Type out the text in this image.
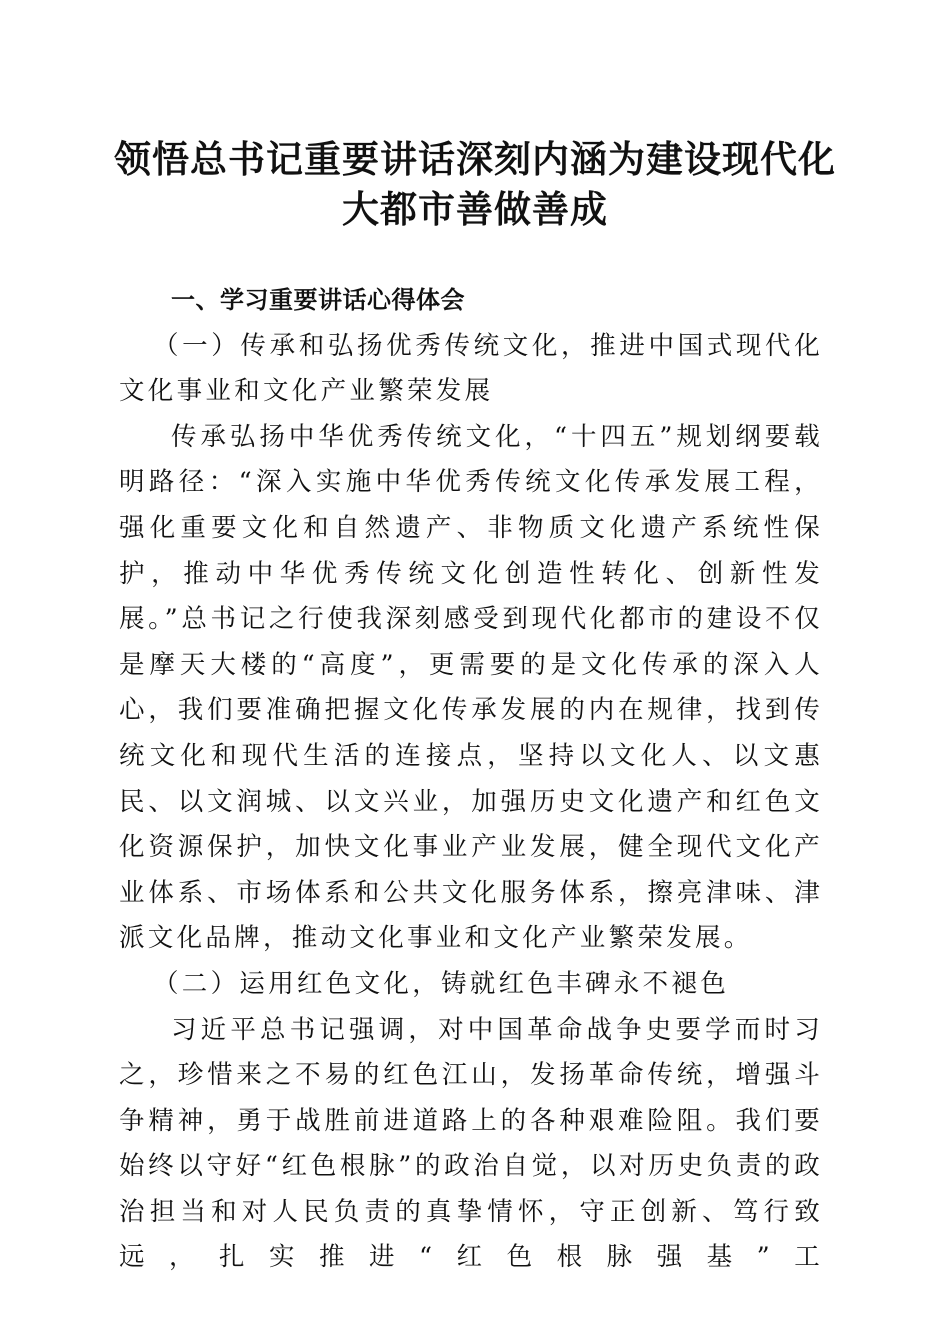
领悟总书记重要讲话深刻内涵为建设现代化大都市善做善成

一、学习重要讲话心得体会

（一）传承和弘扬优秀传统文化，推进中国式现代化文化事业和文化产业繁荣发展

传承弘扬中华优秀传统文化，“十四五”规划纲要载明路径：“深入实施中华优秀传统文化传承发展工程，强化重要文化和自然遗产、非物质文化遗产系统性保护，推动中华优秀传统文化创造性转化、创新性发展。”总书记之行使我深刻感受到现代化都市的建设不仅是摩天大楼的“高度”，更需要的是文化传承的深入人心，我们要准确把握文化传承发展的内在规律，找到传统文化和现代生活的连接点，坚持以文化人、以文惠民、以文润城、以文兴业，加强历史文化遗产和红色文化资源保护，加快文化事业产业发展，健全现代文化产业体系、市场体系和公共文化服务体系，擦亮津味、津派文化品牌，推动文化事业和文化产业繁荣发展。

（二）运用红色文化，铸就红色丰碑永不褪色

习近平总书记强调，对中国革命战争史要学而时习之，珍惜来之不易的红色江山，发扬革命传统，增强斗争精神，勇于战胜前进道路上的各种艰难险阻。我们要始终以守好“红色根脉”的政治自觉，以对历史负责的政治担当和对人民负责的真挚情怀，守正创新、笃行致远，扎实推进“红色根脉强基”工
